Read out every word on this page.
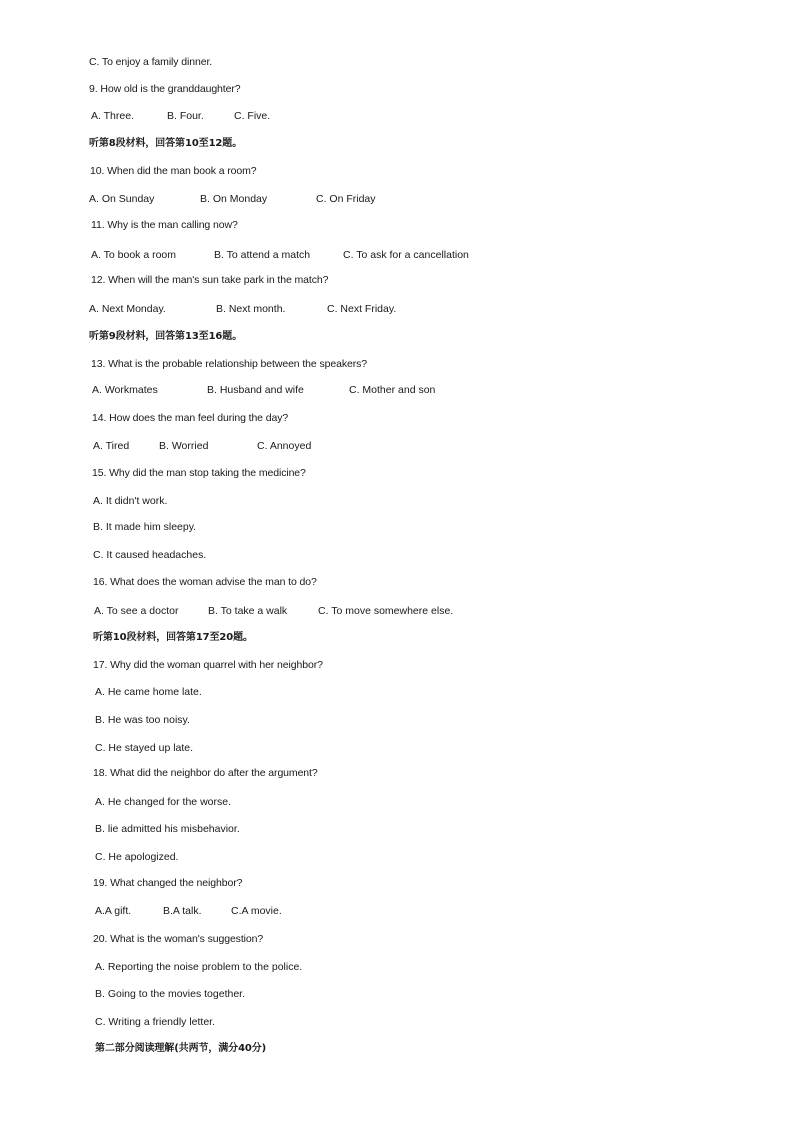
C. To enjoy a family dinner.
9. How old is the granddaughter?
A. Three.	B. Four.	C. Five.
听第8段材料，回答第10至12题。
10. When did the man book a room?
A. On Sunday	B. On Monday	C. On Friday
11. Why is the man calling now?
A. To book a room	B. To attend a match	C. To ask for a cancellation
12. When will the man's sun take park in the match?
A. Next Monday.	B. Next month.	C. Next Friday.
听第9段材料，回答第13至16题。
13. What is the probable relationship between the speakers?
A. Workmates	B. Husband and wife	C. Mother and son
14. How does the man feel during the day?
A. Tired	B. Worried	C. Annoyed
15. Why did the man stop taking the medicine?
A. It didn't work.
B. It made him sleepy.
C. It caused headaches.
16. What does the woman advise the man to do?
A. To see a doctor	B. To take a walk	C. To move somewhere else.
听第10段材料，回答第17至20题。
17. Why did the woman quarrel with her neighbor?
A. He came home late.
B. He was too noisy.
C. He stayed up late.
18. What did the neighbor do after the argument?
A. He changed for the worse.
B. lie admitted his misbehavior.
C. He apologized.
19. What changed the neighbor?
A.A gift.	B.A talk.	C.A movie.
20. What is the woman's suggestion?
A. Reporting the noise problem to the police.
B. Going to the movies together.
C. Writing a friendly letter.
第二部分阅读理解(共两节，满分40分)
